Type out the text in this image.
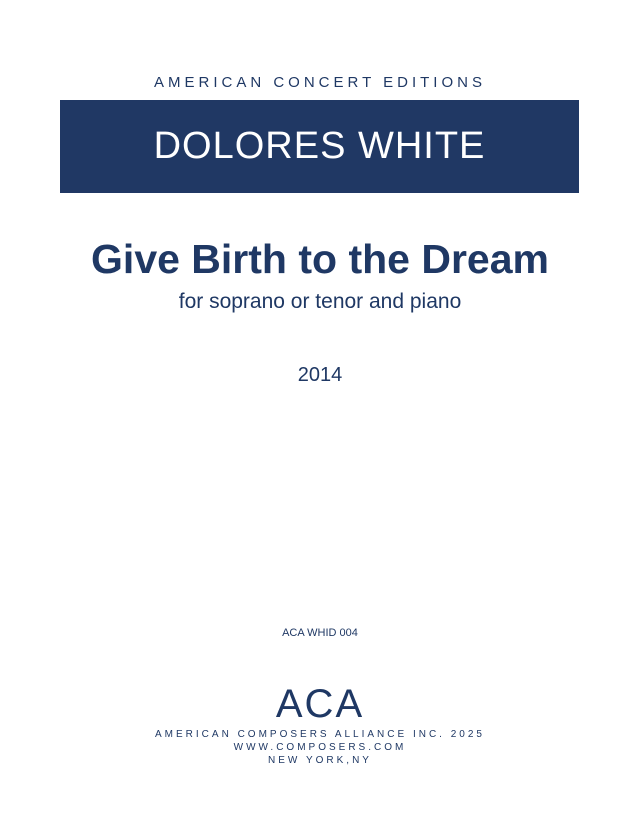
AMERICAN CONCERT EDITIONS
DOLORES WHITE
Give Birth to the Dream
for soprano or tenor and piano
2014
ACA WHID 004
ACA
AMERICAN COMPOSERS ALLIANCE INC. 2025
WWW.COMPOSERS.COM
NEW YORK,NY
